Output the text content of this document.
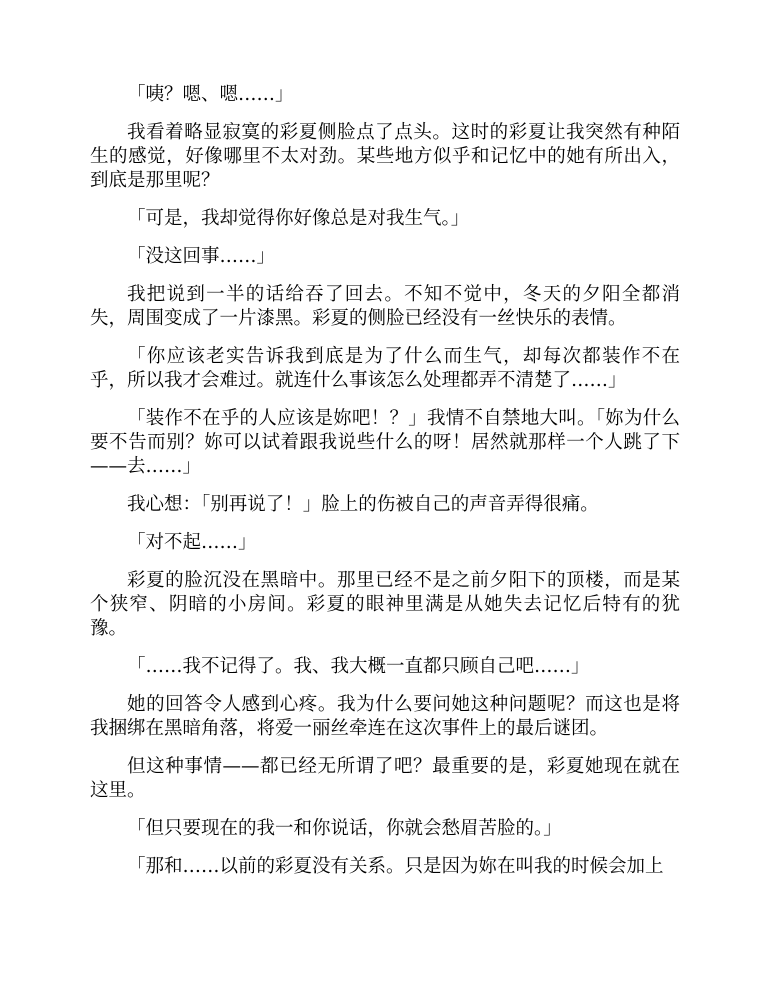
「咦？嗯、嗯……」

我看着略显寂寞的彩夏侧脸点了点头。这时的彩夏让我突然有种陌生的感觉，好像哪里不太对劲。某些地方似乎和记忆中的她有所出入，到底是那里呢？

「可是，我却觉得你好像总是对我生气。」

「没这回事……」

我把说到一半的话给吞了回去。不知不觉中，冬天的夕阳全都消失，周围变成了一片漆黑。彩夏的侧脸已经没有一丝快乐的表情。

「你应该老实告诉我到底是为了什么而生气，却每次都装作不在乎，所以我才会难过。就连什么事该怎么处理都弄不清楚了……」

「装作不在乎的人应该是妳吧！？」我情不自禁地大叫。「妳为什么要不告而别？妳可以试着跟我说些什么的呀！居然就那样一个人跳了下——去……」

我心想：「别再说了！」脸上的伤被自己的声音弄得很痛。

「对不起……」

彩夏的脸沉没在黑暗中。那里已经不是之前夕阳下的顶楼，而是某个狭窄、阴暗的小房间。彩夏的眼神里满是从她失去记忆后特有的犹豫。

「……我不记得了。我、我大概一直都只顾自己吧……」

她的回答令人感到心疼。我为什么要问她这种问题呢？而这也是将我捆绑在黑暗角落，将爱一丽丝牵连在这次事件上的最后谜团。

但这种事情——都已经无所谓了吧？最重要的是，彩夏她现在就在这里。

「但只要现在的我一和你说话，你就会愁眉苦脸的。」

「那和……以前的彩夏没有关系。只是因为妳在叫我的时候会加上
